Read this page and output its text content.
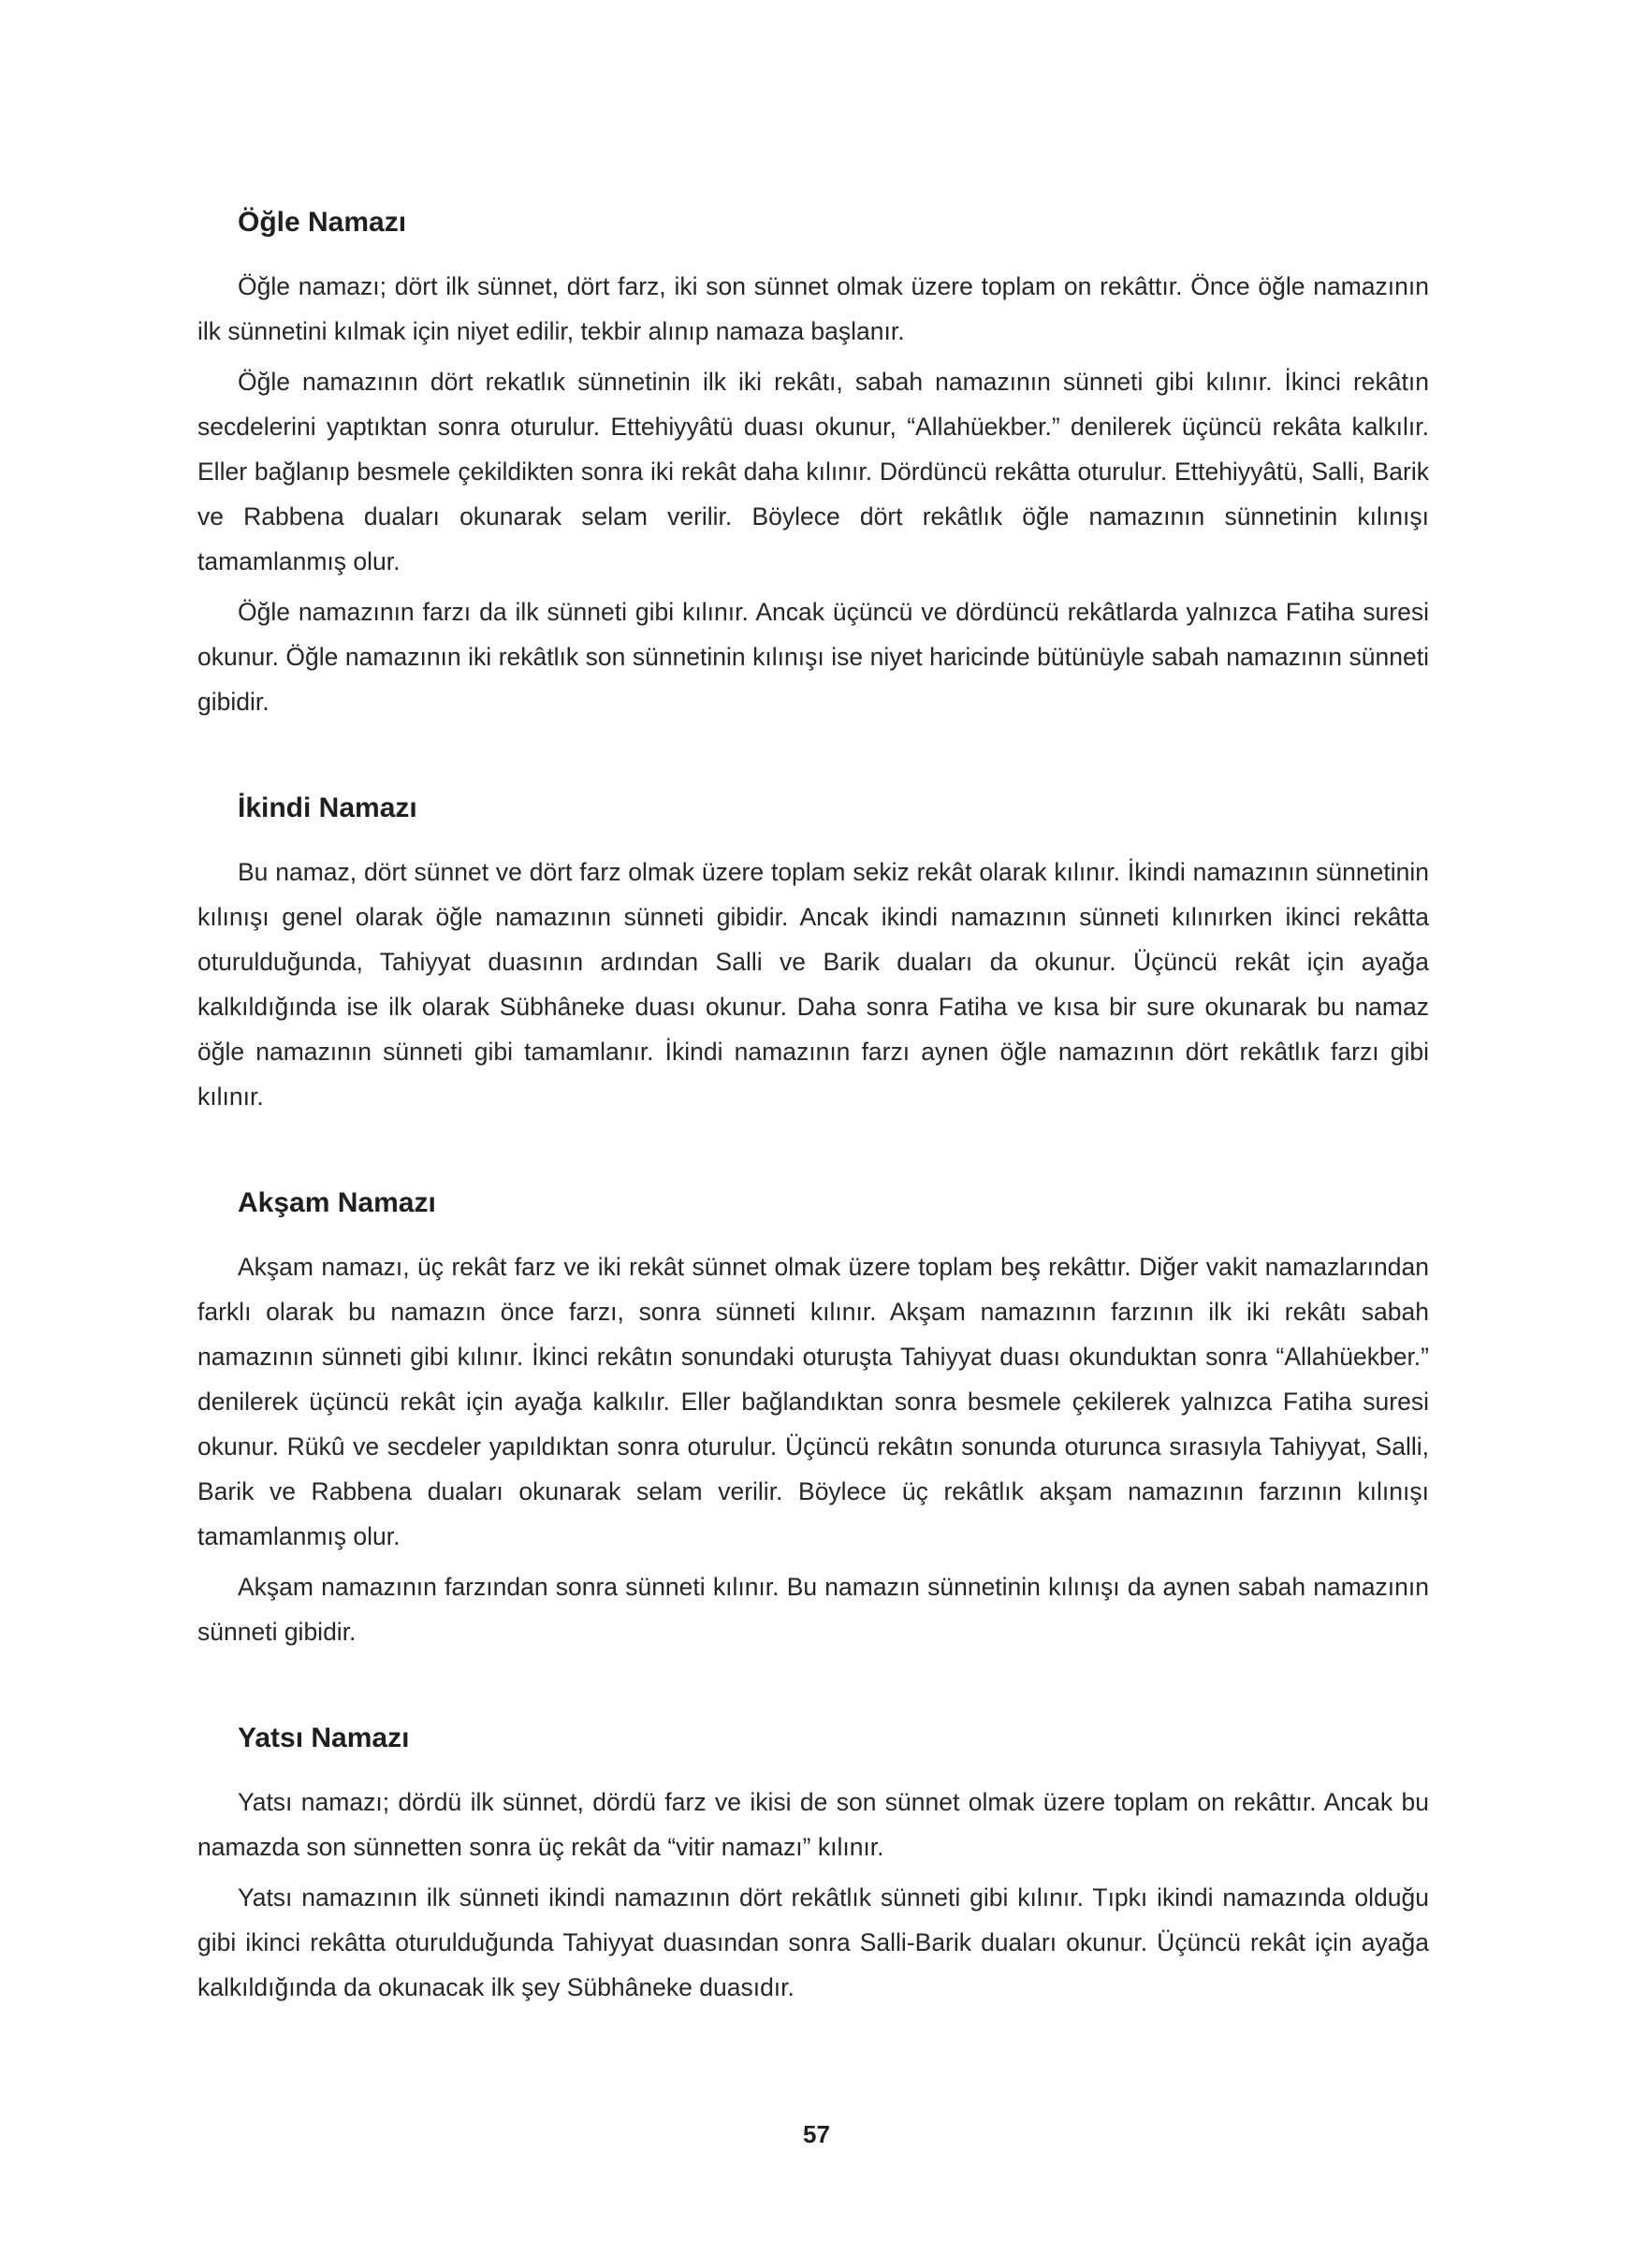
Öğle Namazı

Öğle namazı; dört ilk sünnet, dört farz, iki son sünnet olmak üzere toplam on rekâttır. Önce öğle namazının ilk sünnetini kılmak için niyet edilir, tekbir alınıp namaza başlanır.

Öğle namazının dört rekatlık sünnetinin ilk iki rekâtı, sabah namazının sünneti gibi kılınır. İkinci rekâtın secdelerini yaptıktan sonra oturulur. Ettehiyyâtü duası okunur, “Allahüekber.” denilerek üçüncü rekâta kalkılır. Eller bağlanıp besmele çekildikten sonra iki rekât daha kılınır. Dördüncü rekâtta oturulur. Ettehiyyâtü, Salli, Barik ve Rabbena duaları okunarak selam verilir. Böylece dört rekâtlık öğle namazının sünnetinin kılınışı tamamlanmış olur.

Öğle namazının farzı da ilk sünneti gibi kılınır. Ancak üçüncü ve dördüncü rekâtlarda yalnızca Fatiha suresi okunur. Öğle namazının iki rekâtlık son sünnetinin kılınışı ise niyet haricinde bütünüyle sabah namazının sünneti gibidir.

İkindi Namazı

Bu namaz, dört sünnet ve dört farz olmak üzere toplam sekiz rekât olarak kılınır. İkindi namazının sünnetinin kılınışı genel olarak öğle namazının sünneti gibidir. Ancak ikindi namazının sünneti kılınırken ikinci rekâtta oturulduğunda, Tahiyyat duasının ardından Salli ve Barik duaları da okunur. Üçüncü rekât için ayağa kalkıldığında ise ilk olarak Sübhâneke duası okunur. Daha sonra Fatiha ve kısa bir sure okunarak bu namaz öğle namazının sünneti gibi tamamlanır. İkindi namazının farzı aynen öğle namazının dört rekâtlık farzı gibi kılınır.

Akşam Namazı

Akşam namazı, üç rekât farz ve iki rekât sünnet olmak üzere toplam beş rekâttır. Diğer vakit namazlarından farklı olarak bu namazın önce farzı, sonra sünneti kılınır. Akşam namazının farzının ilk iki rekâtı sabah namazının sünneti gibi kılınır. İkinci rekâtın sonundaki oturuşta Tahiyyat duası okunduktan sonra “Allahüekber.” denilerek üçüncü rekât için ayağa kalkılır. Eller bağlandıktan sonra besmele çekilerek yalnızca Fatiha suresi okunur. Rükû ve secdeler yapıldıktan sonra oturulur. Üçüncü rekâtın sonunda oturunca sırasıyla Tahiyyat, Salli, Barik ve Rabbena duaları okunarak selam verilir. Böylece üç rekâtlık akşam namazının farzının kılınışı tamamlanmış olur.

Akşam namazının farzından sonra sünneti kılınır. Bu namazın sünnetinin kılınışı da aynen sabah namazının sünneti gibidir.

Yatsı Namazı

Yatsı namazı; dördü ilk sünnet, dördü farz ve ikisi de son sünnet olmak üzere toplam on rekâttır. Ancak bu namazda son sünnetten sonra üç rekât da “vitir namazı” kılınır.

Yatsı namazının ilk sünneti ikindi namazının dört rekâtlık sünneti gibi kılınır. Tıpkı ikindi namazında olduğu gibi ikinci rekâtta oturulduğunda Tahiyyat duasından sonra Salli-Barik duaları okunur. Üçüncü rekât için ayağa kalkıldığında da okunacak ilk şey Sübhâneke duasıdır.

57
